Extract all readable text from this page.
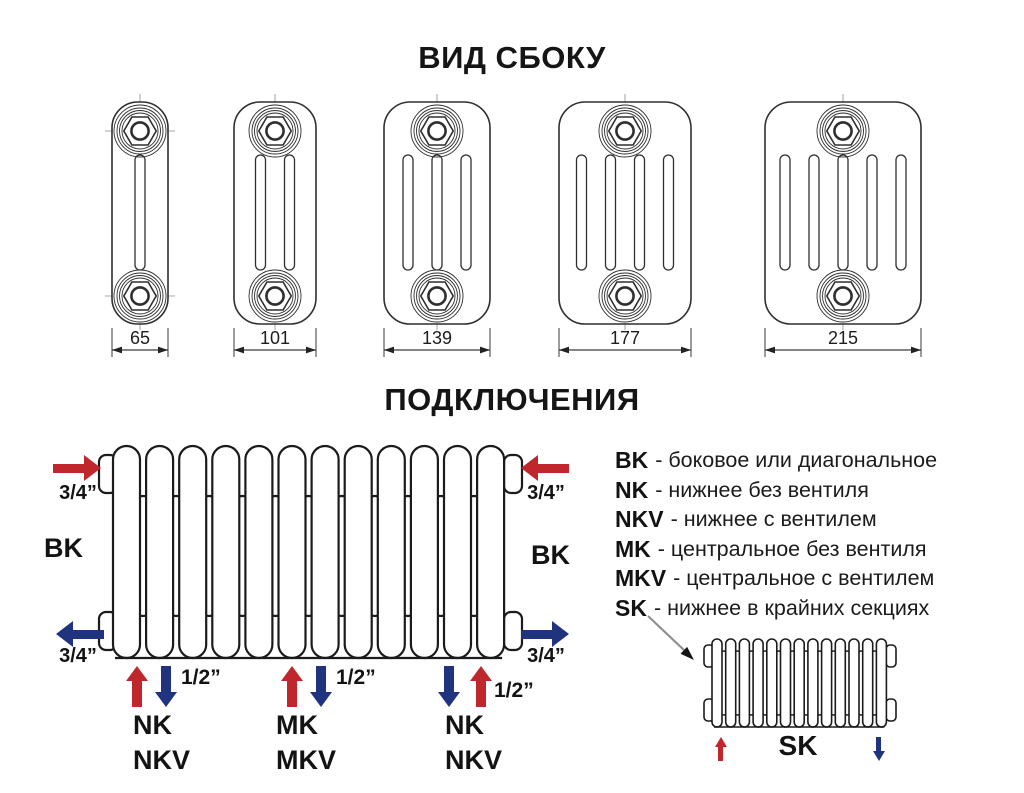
ВИД СБОКУ
65	101	139	177	215
ПОДКЛЮЧЕНИЯ
3/4”
BK
3/4”
3/4”
BK
3/4”
1/2”
NK
NKV
1/2”
MK
MKV
1/2”
NK
NKV
BK - боковое или диагональное
NK - нижнее без вентиля
NKV - нижнее с вентилем
MK - центральное без вентиля
MKV - центральное с вентилем
SK - нижнее в крайних секциях
SK
